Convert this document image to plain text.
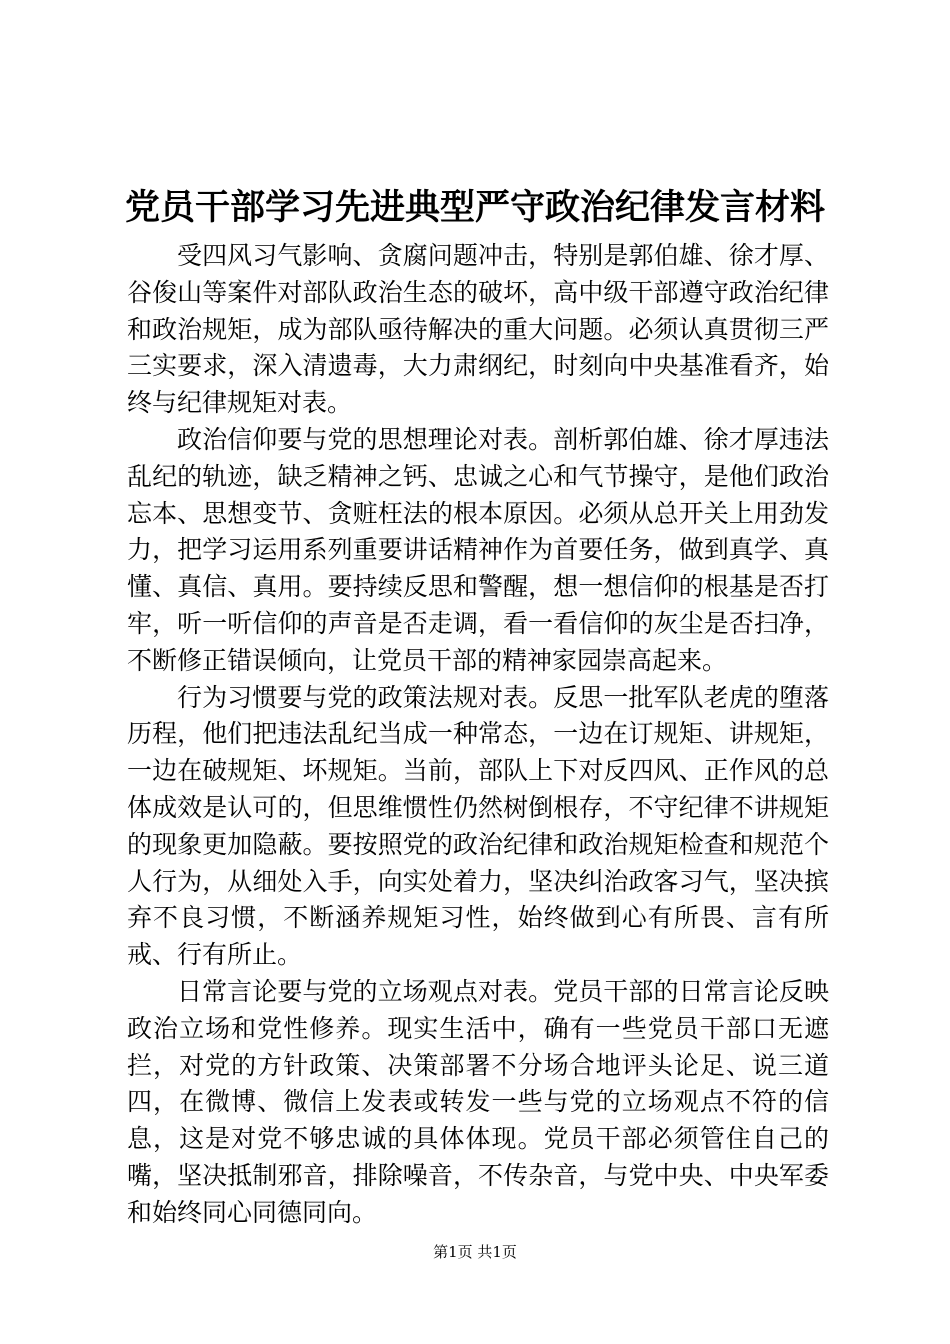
党员干部学习先进典型严守政治纪律发言材料

受四风习气影响、贪腐问题冲击，特别是郭伯雄、徐才厚、谷俊山等案件对部队政治生态的破坏，高中级干部遵守政治纪律和政治规矩，成为部队亟待解决的重大问题。必须认真贯彻三严三实要求，深入清遗毒，大力肃纲纪，时刻向中央基准看齐，始终与纪律规矩对表。

政治信仰要与党的思想理论对表。剖析郭伯雄、徐才厚违法乱纪的轨迹，缺乏精神之钙、忠诚之心和气节操守，是他们政治忘本、思想变节、贪赃枉法的根本原因。必须从总开关上用劲发力，把学习运用系列重要讲话精神作为首要任务，做到真学、真懂、真信、真用。要持续反思和警醒，想一想信仰的根基是否打牢，听一听信仰的声音是否走调，看一看信仰的灰尘是否扫净，不断修正错误倾向，让党员干部的精神家园崇高起来。

行为习惯要与党的政策法规对表。反思一批军队老虎的堕落历程，他们把违法乱纪当成一种常态，一边在订规矩、讲规矩，一边在破规矩、坏规矩。当前，部队上下对反四风、正作风的总体成效是认可的，但思维惯性仍然树倒根存，不守纪律不讲规矩的现象更加隐蔽。要按照党的政治纪律和政治规矩检查和规范个人行为，从细处入手，向实处着力，坚决纠治政客习气，坚决摈弃不良习惯，不断涵养规矩习性，始终做到心有所畏、言有所戒、行有所止。

日常言论要与党的立场观点对表。党员干部的日常言论反映政治立场和党性修养。现实生活中，确有一些党员干部口无遮拦，对党的方针政策、决策部署不分场合地评头论足、说三道四，在微博、微信上发表或转发一些与党的立场观点不符的信息，这是对党不够忠诚的具体体现。党员干部必须管住自己的嘴，坚决抵制邪音，排除噪音，不传杂音，与党中央、中央军委和始终同心同德同向。

第1页 共1页
